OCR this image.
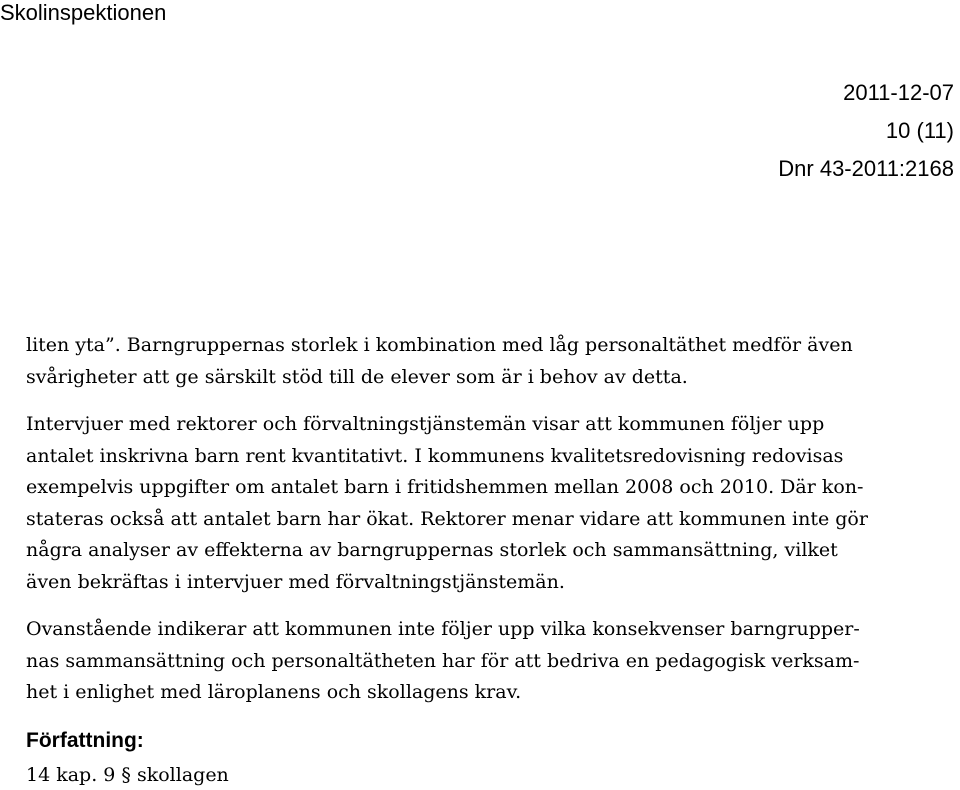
Skolinspektionen
2011-12-07
10 (11)
Dnr 43-2011:2168

liten yta”. Barngruppernas storlek i kombination med låg personaltäthet medför även
svårigheter att ge särskilt stöd till de elever som är i behov av detta.

Intervjuer med rektorer och förvaltningstjänstemän visar att kommunen följer upp
antalet inskrivna barn rent kvantitativt. I kommunens kvalitetsredovisning redovisas
exempelvis uppgifter om antalet barn i fritidshemmen mellan 2008 och 2010. Där kon-
stateras också att antalet barn har ökat. Rektorer menar vidare att kommunen inte gör
några analyser av effekterna av barngruppernas storlek och sammansättning, vilket
även bekräftas i intervjuer med förvaltningstjänstemän.

Ovanstående indikerar att kommunen inte följer upp vilka konsekvenser barngrupper-
nas sammansättning och personaltätheten har för att bedriva en pedagogisk verksam-
het i enlighet med läroplanens och skollagens krav.

Författning:
14 kap. 9 § skollagen
